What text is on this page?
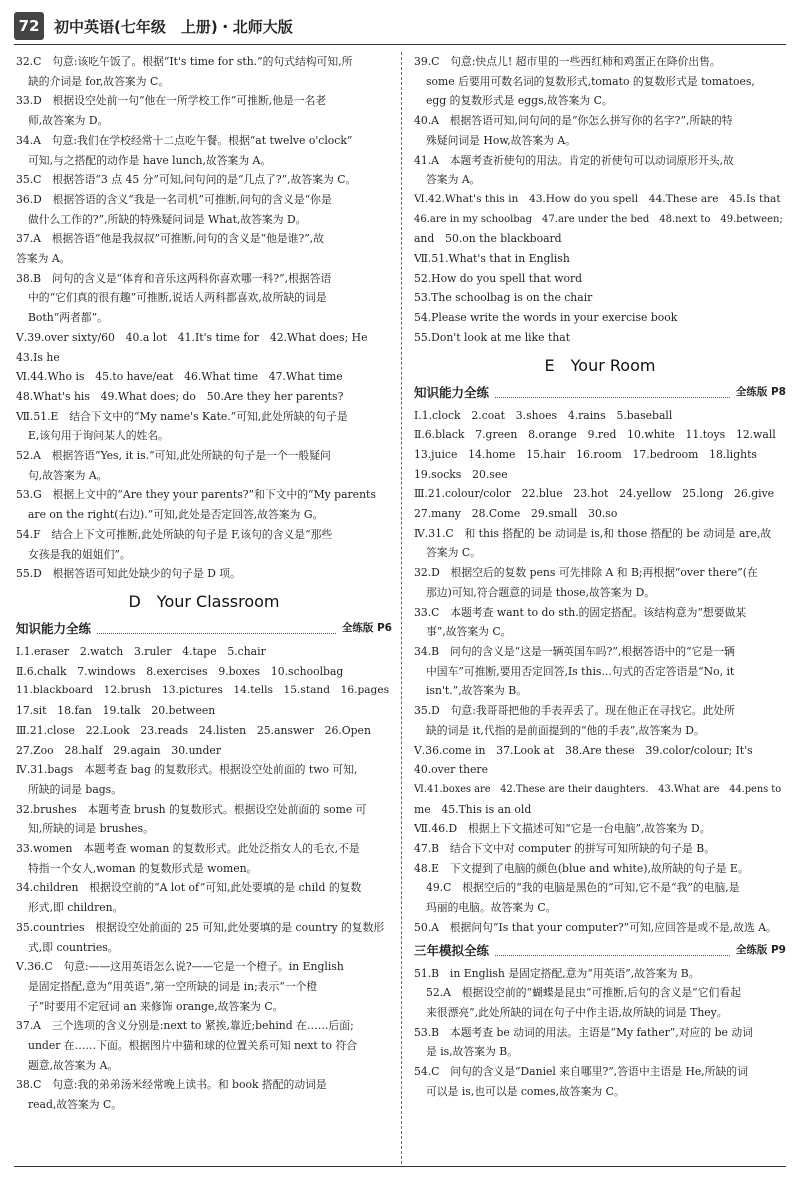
72 初中英语(七年级　上册)・北师大版
32.C　句意:该吃午饭了。根据“It's time for sth.”的句式结构可知,所
缺的介词是 for,故答案为 C。
33.D　根据设空处前一句“他在一所学校工作”可推断,他是一名老
师,故答案为 D。
34.A　句意:我们在学校经常十二点吃午餐。根据“at twelve o'clock”
可知,与之搭配的动作是 have lunch,故答案为 A。
35.C　根据答语“3 点 45 分”可知,问句问的是“几点了?”,故答案为 C。
36.D　根据答语的含义“我是一名司机”可推断,问句的含义是“你是
做什么工作的?”,所缺的特殊疑问词是 What,故答案为 D。
37.A　根据答语“他是我叔叔”可推断,问句的含义是“他是谁?”,故
答案为 A。
38.B　问句的含义是“体育和音乐这两科你喜欢哪一科?”,根据答语
中的“它们真的很有趣”可推断,说话人两科都喜欢,故所缺的词是
Both“两者都”。
Ⅴ.39.over sixty/60　40.a lot　41.It's time for　42.What does; He
43.Is he
Ⅵ.44.Who is　45.to have/eat　46.What time　47.What time
48.What's his　49.What does; do　50.Are they her parents?
Ⅶ.51.E　结合下文中的“My name's Kate.”可知,此处所缺的句子是
E,该句用于询问某人的姓名。
52.A　根据答语“Yes, it is.”可知,此处所缺的句子是一个一般疑问
句,故答案为 A。
53.G　根据上文中的“Are they your parents?”和下文中的“My parents
are on the right(右边).”可知,此处是否定回答,故答案为 G。
54.F　结合上下文可推断,此处所缺的句子是 F,该句的含义是“那些
女孩是我的姐姐们”。
55.D　根据答语可知此处缺少的句子是 D 项。
D　Your Classroom
知识能力全练	全练版 P6
Ⅰ.1.eraser　2.watch　3.ruler　4.tape　5.chair
Ⅱ.6.chalk　7.windows　8.exercises　9.boxes　10.schoolbag
11.blackboard　12.brush　13.pictures　14.tells　15.stand　16.pages
17.sit　18.fan　19.talk　20.between
Ⅲ.21.close　22.Look　23.reads　24.listen　25.answer　26.Open
27.Zoo　28.half　29.again　30.under
Ⅳ.31.bags　本题考查 bag 的复数形式。根据设空处前面的 two 可知,
所缺的词是 bags。
32.brushes　本题考查 brush 的复数形式。根据设空处前面的 some 可
知,所缺的词是 brushes。
33.women　本题考查 woman 的复数形式。此处泛指女人的毛衣,不是
特指一个女人,woman 的复数形式是 women。
34.children　根据设空前的“A lot of”可知,此处要填的是 child 的复数
形式,即 children。
35.countries　根据设空处前面的 25 可知,此处要填的是 country 的复数形
式,即 countries。
Ⅴ.36.C　句意:——这用英语怎么说?——它是一个橙子。in English
是固定搭配,意为“用英语”,第一空所缺的词是 in;表示“一个橙
子”时要用不定冠词 an 来修饰 orange,故答案为 C。
37.A　三个选项的含义分别是:next to 紧挨,靠近;behind 在……后面;
under 在……下面。根据图片中猫和球的位置关系可知 next to 符合
题意,故答案为 A。
38.C　句意:我的弟弟汤米经常晚上读书。和 book 搭配的动词是
read,故答案为 C。
39.C　句意:快点儿! 超市里的一些西红柿和鸡蛋正在降价出售。
some 后要用可数名词的复数形式,tomato 的复数形式是 tomatoes,
egg 的复数形式是 eggs,故答案为 C。
40.A　根据答语可知,问句问的是“你怎么拼写你的名字?”,所缺的特
殊疑问词是 How,故答案为 A。
41.A　本题考查祈使句的用法。肯定的祈使句可以动词原形开头,故
答案为 A。
Ⅵ.42.What's this in　43.How do you spell　44.These are　45.Is that
46.are in my schoolbag　47.are under the bed　48.next to　49.between;
and　50.on the blackboard
Ⅶ.51.What's that in English
52.How do you spell that word
53.The schoolbag is on the chair
54.Please write the words in your exercise book
55.Don't look at me like that
E　Your Room
知识能力全练	全练版 P8
Ⅰ.1.clock　2.coat　3.shoes　4.rains　5.baseball
Ⅱ.6.black　7.green　8.orange　9.red　10.white　11.toys　12.wall
13.juice　14.home　15.hair　16.room　17.bedroom　18.lights
19.socks　20.see
Ⅲ.21.colour/color　22.blue　23.hot　24.yellow　25.long　26.give
27.many　28.Come　29.small　30.so
Ⅳ.31.C　和 this 搭配的 be 动词是 is,和 those 搭配的 be 动词是 are,故
答案为 C。
32.D　根据空后的复数 pens 可先排除 A 和 B;再根据“over there”(在
那边)可知,符合题意的词是 those,故答案为 D。
33.C　本题考查 want to do sth.的固定搭配。该结构意为“想要做某
事”,故答案为 C。
34.B　问句的含义是“这是一辆英国车吗?”,根据答语中的“它是一辆
中国车”可推断,要用否定回答,Is this...句式的否定答语是“No, it
isn't.”,故答案为 B。
35.D　句意:我哥哥把他的手表弄丢了。现在他正在寻找它。此处所
缺的词是 it,代指的是前面提到的“他的手表”,故答案为 D。
Ⅴ.36.come in　37.Look at　38.Are these　39.color/colour; It's
40.over there
Ⅵ.41.boxes are　42.These are their daughters.　43.What are　44.pens to
me　45.This is an old
Ⅶ.46.D　根据上下文描述可知“它是一台电脑”,故答案为 D。
47.B　结合下文中对 computer 的拼写可知所缺的句子是 B。
48.E　下文提到了电脑的颜色(blue and white),故所缺的句子是 E。
49.C　根据空后的“我的电脑是黑色的”可知,它不是“我”的电脑,是
玛丽的电脑。故答案为 C。
50.A　根据问句“Is that your computer?”可知,应回答是或不是,故选 A。
三年模拟全练	全练版 P9
51.B　in English 是固定搭配,意为“用英语”,故答案为 B。
52.A　根据设空前的“蝴蝶是昆虫”可推断,后句的含义是“它们看起
来很漂亮”,此处所缺的词在句子中作主语,故所缺的词是 They。
53.B　本题考查 be 动词的用法。主语是“My father”,对应的 be 动词
是 is,故答案为 B。
54.C　问句的含义是“Daniel 来自哪里?”,答语中主语是 He,所缺的词
可以是 is,也可以是 comes,故答案为 C。
